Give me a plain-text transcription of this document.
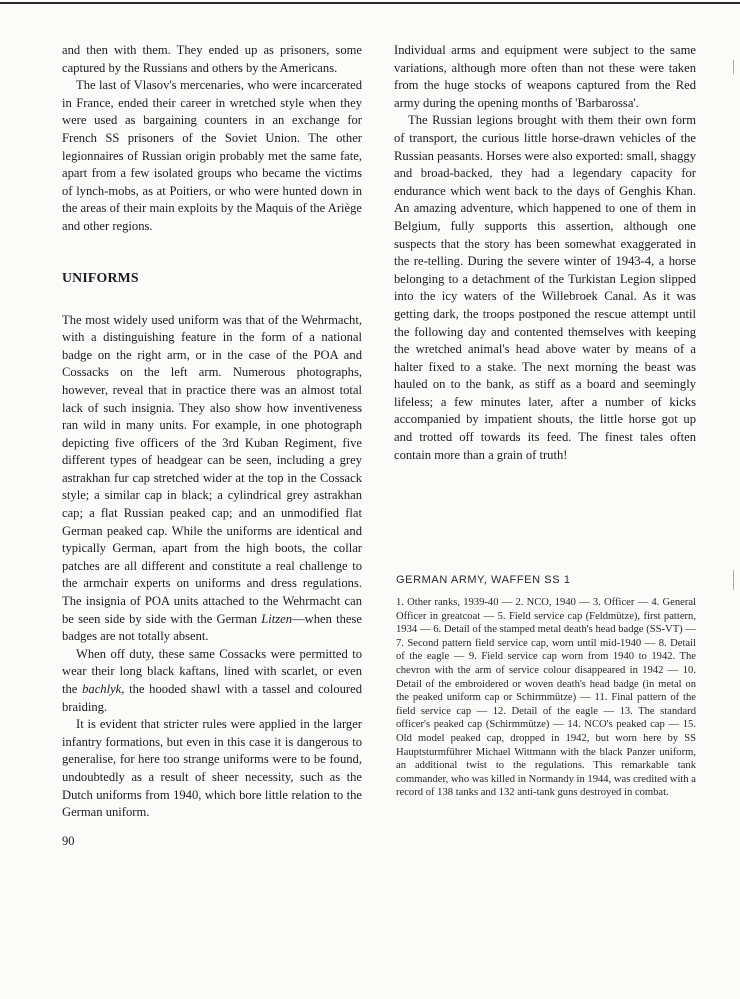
and then with them. They ended up as prisoners, some captured by the Russians and others by the Americans.

The last of Vlasov's mercenaries, who were incarcerated in France, ended their career in wretched style when they were used as bargaining counters in an exchange for French SS prisoners of the Soviet Union. The other legionnaires of Russian origin probably met the same fate, apart from a few isolated groups who became the victims of lynch-mobs, as at Poitiers, or who were hunted down in the areas of their main exploits by the Maquis of the Ariège and other regions.

UNIFORMS

The most widely used uniform was that of the Wehrmacht, with a distinguishing feature in the form of a national badge on the right arm, or in the case of the POA and Cossacks on the left arm. Numerous photographs, however, reveal that in practice there was an almost total lack of such insignia. They also show how inventiveness ran wild in many units. For example, in one photograph depicting five officers of the 3rd Kuban Regiment, five different types of headgear can be seen, including a grey astrakhan fur cap stretched wider at the top in the Cossack style; a similar cap in black; a cylindrical grey astrakhan cap; a flat Russian peaked cap; and an unmodified flat German peaked cap. While the uniforms are identical and typically German, apart from the high boots, the collar patches are all different and constitute a real challenge to the armchair experts on uniforms and dress regulations. The insignia of POA units attached to the Wehrmacht can be seen side by side with the German Litzen—when these badges are not totally absent.

When off duty, these same Cossacks were permitted to wear their long black kaftans, lined with scarlet, or even the bachlyk, the hooded shawl with a tassel and coloured braiding.

It is evident that stricter rules were applied in the larger infantry formations, but even in this case it is dangerous to generalise, for here too strange uniforms were to be found, undoubtedly as a result of sheer necessity, such as the Dutch uniforms from 1940, which bore little relation to the German uniform.

90

Individual arms and equipment were subject to the same variations, although more often than not these were taken from the huge stocks of weapons captured from the Red army during the opening months of 'Barbarossa'.

The Russian legions brought with them their own form of transport, the curious little horse-drawn vehicles of the Russian peasants. Horses were also exported: small, shaggy and broad-backed, they had a legendary capacity for endurance which went back to the days of Genghis Khan. An amazing adventure, which happened to one of them in Belgium, fully supports this assertion, although one suspects that the story has been somewhat exaggerated in the re-telling. During the severe winter of 1943-4, a horse belonging to a detachment of the Turkistan Legion slipped into the icy waters of the Willebroek Canal. As it was getting dark, the troops postponed the rescue attempt until the following day and contented themselves with keeping the wretched animal's head above water by means of a halter fixed to a stake. The next morning the beast was hauled on to the bank, as stiff as a board and seemingly lifeless; a few minutes later, after a number of kicks accompanied by impatient shouts, the little horse got up and trotted off towards its feed. The finest tales often contain more than a grain of truth!

GERMAN ARMY, WAFFEN SS 1
1. Other ranks, 1939-40 — 2. NCO, 1940 — 3. Officer — 4. General Officer in greatcoat — 5. Field service cap (Feldmütze), first pattern, 1934 — 6. Detail of the stamped metal death's head badge (SS-VT) — 7. Second pattern field service cap, worn until mid-1940 — 8. Detail of the eagle — 9. Field service cap worn from 1940 to 1942. The chevron with the arm of service colour disappeared in 1942 — 10. Detail of the embroidered or woven death's head badge (in metal on the peaked uniform cap or Schirmmütze) — 11. Final pattern of the field service cap — 12. Detail of the eagle — 13. The standard officer's peaked cap (Schirmmütze) — 14. NCO's peaked cap — 15. Old model peaked cap, dropped in 1942, but worn here by SS Hauptsturmführer Michael Wittmann with the black Panzer uniform, an additional twist to the regulations. This remarkable tank commander, who was killed in Normandy in 1944, was credited with a record of 138 tanks and 132 anti-tank guns destroyed in combat.
